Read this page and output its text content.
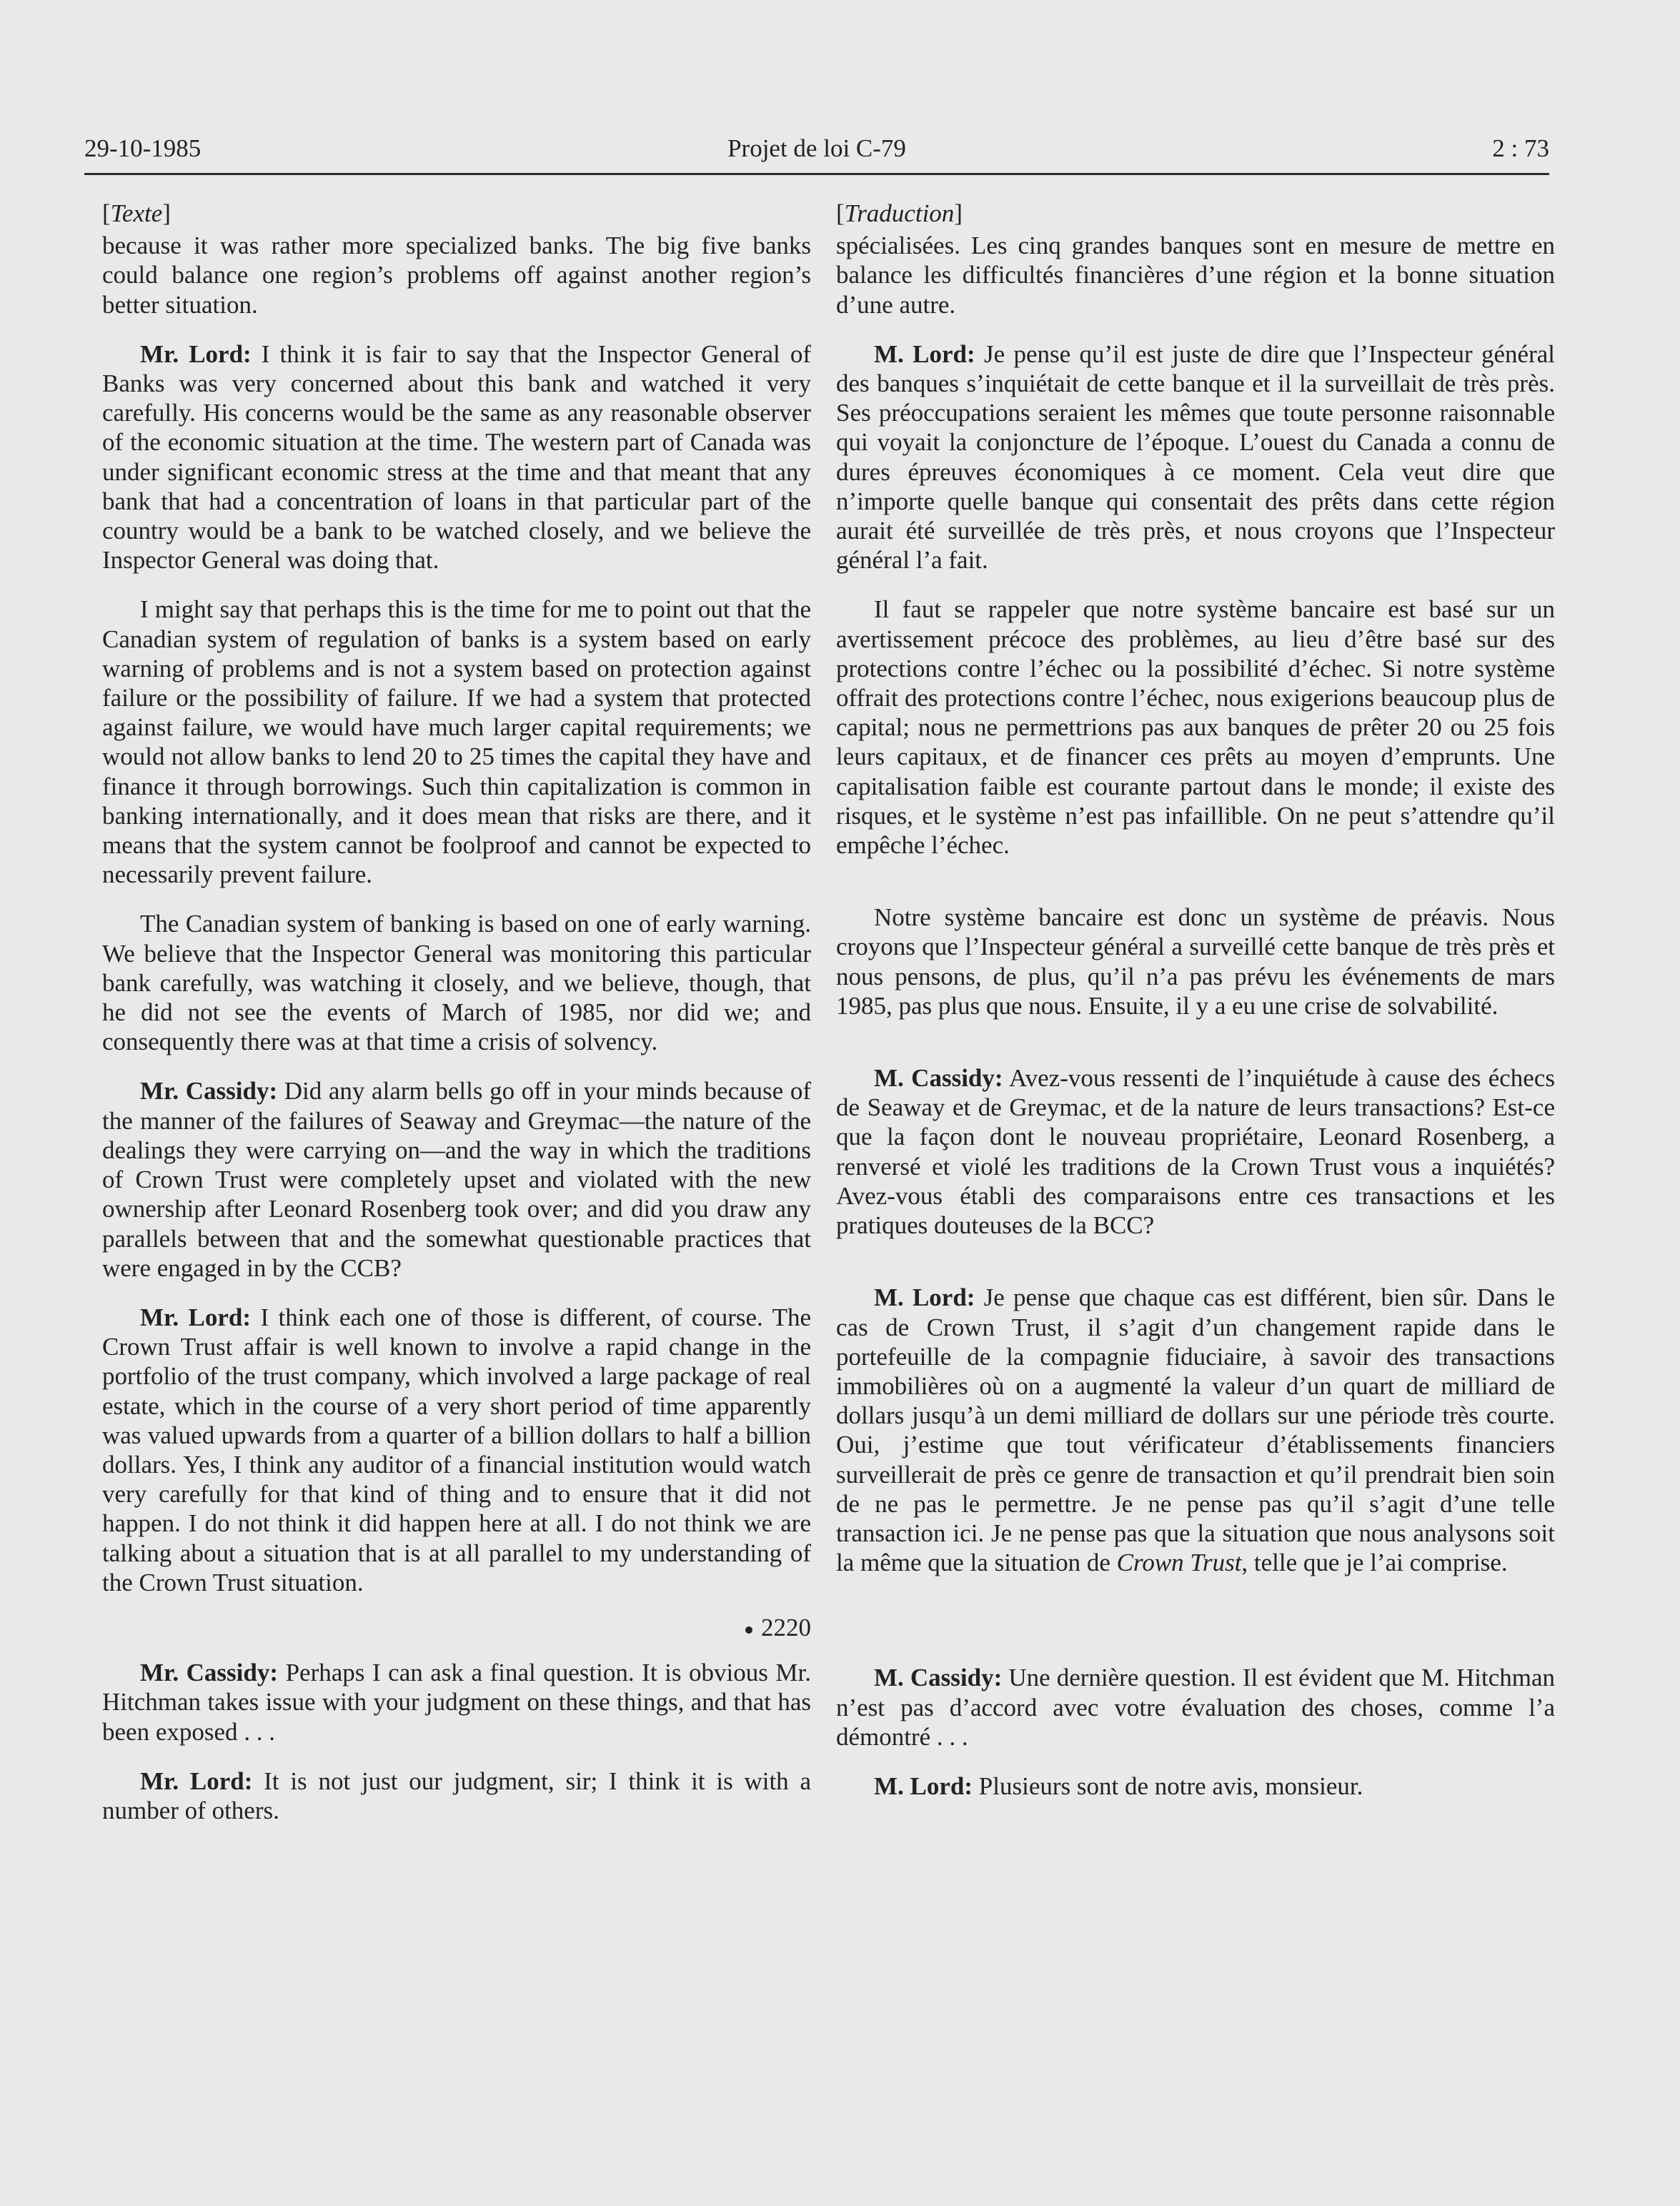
29-10-1985	Projet de loi C-79	2 : 73

[Texte]

because it was rather more specialized banks. The big five banks could balance one region’s problems off against another region’s better situation.

Mr. Lord: I think it is fair to say that the Inspector General of Banks was very concerned about this bank and watched it very carefully. His concerns would be the same as any reasonable observer of the economic situation at the time. The western part of Canada was under significant economic stress at the time and that meant that any bank that had a concentration of loans in that particular part of the country would be a bank to be watched closely, and we believe the Inspector General was doing that.

I might say that perhaps this is the time for me to point out that the Canadian system of regulation of banks is a system based on early warning of problems and is not a system based on protection against failure or the possibility of failure. If we had a system that protected against failure, we would have much larger capital requirements; we would not allow banks to lend 20 to 25 times the capital they have and finance it through borrowings. Such thin capitalization is common in banking internationally, and it does mean that risks are there, and it means that the system cannot be foolproof and cannot be expected to necessarily prevent failure.

The Canadian system of banking is based on one of early warning. We believe that the Inspector General was monitoring this particular bank carefully, was watching it closely, and we believe, though, that he did not see the events of March of 1985, nor did we; and consequently there was at that time a crisis of solvency.

Mr. Cassidy: Did any alarm bells go off in your minds because of the manner of the failures of Seaway and Greymac—the nature of the dealings they were carrying on—and the way in which the traditions of Crown Trust were completely upset and violated with the new ownership after Leonard Rosenberg took over; and did you draw any parallels between that and the somewhat questionable practices that were engaged in by the CCB?

Mr. Lord: I think each one of those is different, of course. The Crown Trust affair is well known to involve a rapid change in the portfolio of the trust company, which involved a large package of real estate, which in the course of a very short period of time apparently was valued upwards from a quarter of a billion dollars to half a billion dollars. Yes, I think any auditor of a financial institution would watch very carefully for that kind of thing and to ensure that it did not happen. I do not think it did happen here at all. I do not think we are talking about a situation that is at all parallel to my understanding of the Crown Trust situation.

2220

Mr. Cassidy: Perhaps I can ask a final question. It is obvious Mr. Hitchman takes issue with your judgment on these things, and that has been exposed . . .

Mr. Lord: It is not just our judgment, sir; I think it is with a number of others.

[Traduction]

spécialisées. Les cinq grandes banques sont en mesure de mettre en balance les difficultés financières d’une région et la bonne situation d’une autre.

M. Lord: Je pense qu’il est juste de dire que l’Inspecteur général des banques s’inquiétait de cette banque et il la surveillait de très près. Ses préoccupations seraient les mêmes que toute personne raisonnable qui voyait la conjoncture de l’époque. L’ouest du Canada a connu de dures épreuves économiques à ce moment. Cela veut dire que n’importe quelle banque qui consentait des prêts dans cette région aurait été surveillée de très près, et nous croyons que l’Inspecteur général l’a fait.

Il faut se rappeler que notre système bancaire est basé sur un avertissement précoce des problèmes, au lieu d’être basé sur des protections contre l’échec ou la possibilité d’échec. Si notre système offrait des protections contre l’échec, nous exigerions beaucoup plus de capital; nous ne permettrions pas aux banques de prêter 20 ou 25 fois leurs capitaux, et de financer ces prêts au moyen d’emprunts. Une capitalisation faible est courante partout dans le monde; il existe des risques, et le système n’est pas infaillible. On ne peut s’attendre qu’il empêche l’échec.

Notre système bancaire est donc un système de préavis. Nous croyons que l’Inspecteur général a surveillé cette banque de très près et nous pensons, de plus, qu’il n’a pas prévu les événements de mars 1985, pas plus que nous. Ensuite, il y a eu une crise de solvabilité.

M. Cassidy: Avez-vous ressenti de l’inquiétude à cause des échecs de Seaway et de Greymac, et de la nature de leurs transactions? Est-ce que la façon dont le nouveau propriétaire, Leonard Rosenberg, a renversé et violé les traditions de la Crown Trust vous a inquiétés? Avez-vous établi des comparaisons entre ces transactions et les pratiques douteuses de la BCC?

M. Lord: Je pense que chaque cas est différent, bien sûr. Dans le cas de Crown Trust, il s’agit d’un changement rapide dans le portefeuille de la compagnie fiduciaire, à savoir des transactions immobilières où on a augmenté la valeur d’un quart de milliard de dollars jusqu’à un demi milliard de dollars sur une période très courte. Oui, j’estime que tout vérificateur d’établissements financiers surveillerait de près ce genre de transaction et qu’il prendrait bien soin de ne pas le permettre. Je ne pense pas qu’il s’agit d’une telle transaction ici. Je ne pense pas que la situation que nous analysons soit la même que la situation de Crown Trust, telle que je l’ai comprise.

M. Cassidy: Une dernière question. Il est évident que M. Hitchman n’est pas d’accord avec votre évaluation des choses, comme l’a démontré . . .

M. Lord: Plusieurs sont de notre avis, monsieur.
